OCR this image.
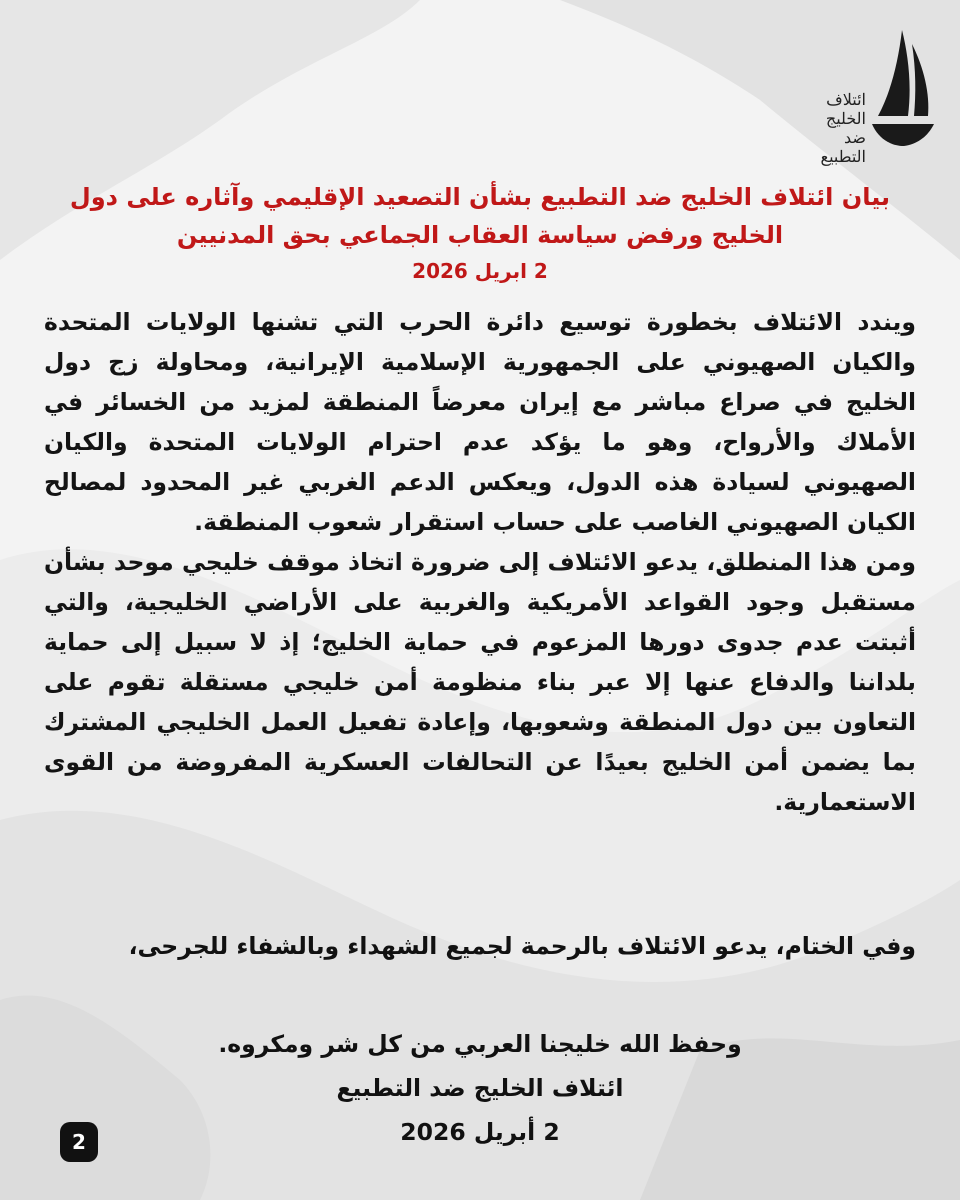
ائتلاف
الخليج
ضد
التطبيع
بيان ائتلاف الخليج ضد التطبيع بشأن التصعيد الإقليمي وآثاره على دول الخليج ورفض سياسة العقاب الجماعي بحق المدنيين
2 ابريل 2026

ويندد الائتلاف بخطورة توسيع دائرة الحرب التي تشنها الولايات المتحدة والكيان الصهيوني على الجمهورية الإسلامية الإيرانية، ومحاولة زج دول الخليج في صراع مباشر مع إيران معرضاً المنطقة لمزيد من الخسائر في الأملاك والأرواح، وهو ما يؤكد عدم احترام الولايات المتحدة والكيان الصهيوني لسيادة هذه الدول، ويعكس الدعم الغربي غير المحدود لمصالح الكيان الصهيوني الغاصب على حساب استقرار شعوب المنطقة.

ومن هذا المنطلق، يدعو الائتلاف إلى ضرورة اتخاذ موقف خليجي موحد بشأن مستقبل وجود القواعد الأمريكية والغربية على الأراضي الخليجية، والتي أثبتت عدم جدوى دورها المزعوم في حماية الخليج؛ إذ لا سبيل إلى حماية بلداننا والدفاع عنها إلا عبر بناء منظومة أمن خليجي مستقلة تقوم على التعاون بين دول المنطقة وشعوبها، وإعادة تفعيل العمل الخليجي المشترك بما يضمن أمن الخليج بعيدًا عن التحالفات العسكرية المفروضة من القوى الاستعمارية.

وفي الختام، يدعو الائتلاف بالرحمة لجميع الشهداء وبالشفاء للجرحى،
وحفظ الله خليجنا العربي من كل شر ومكروه.
ائتلاف الخليج ضد التطبيع
2 أبريل 2026
2
